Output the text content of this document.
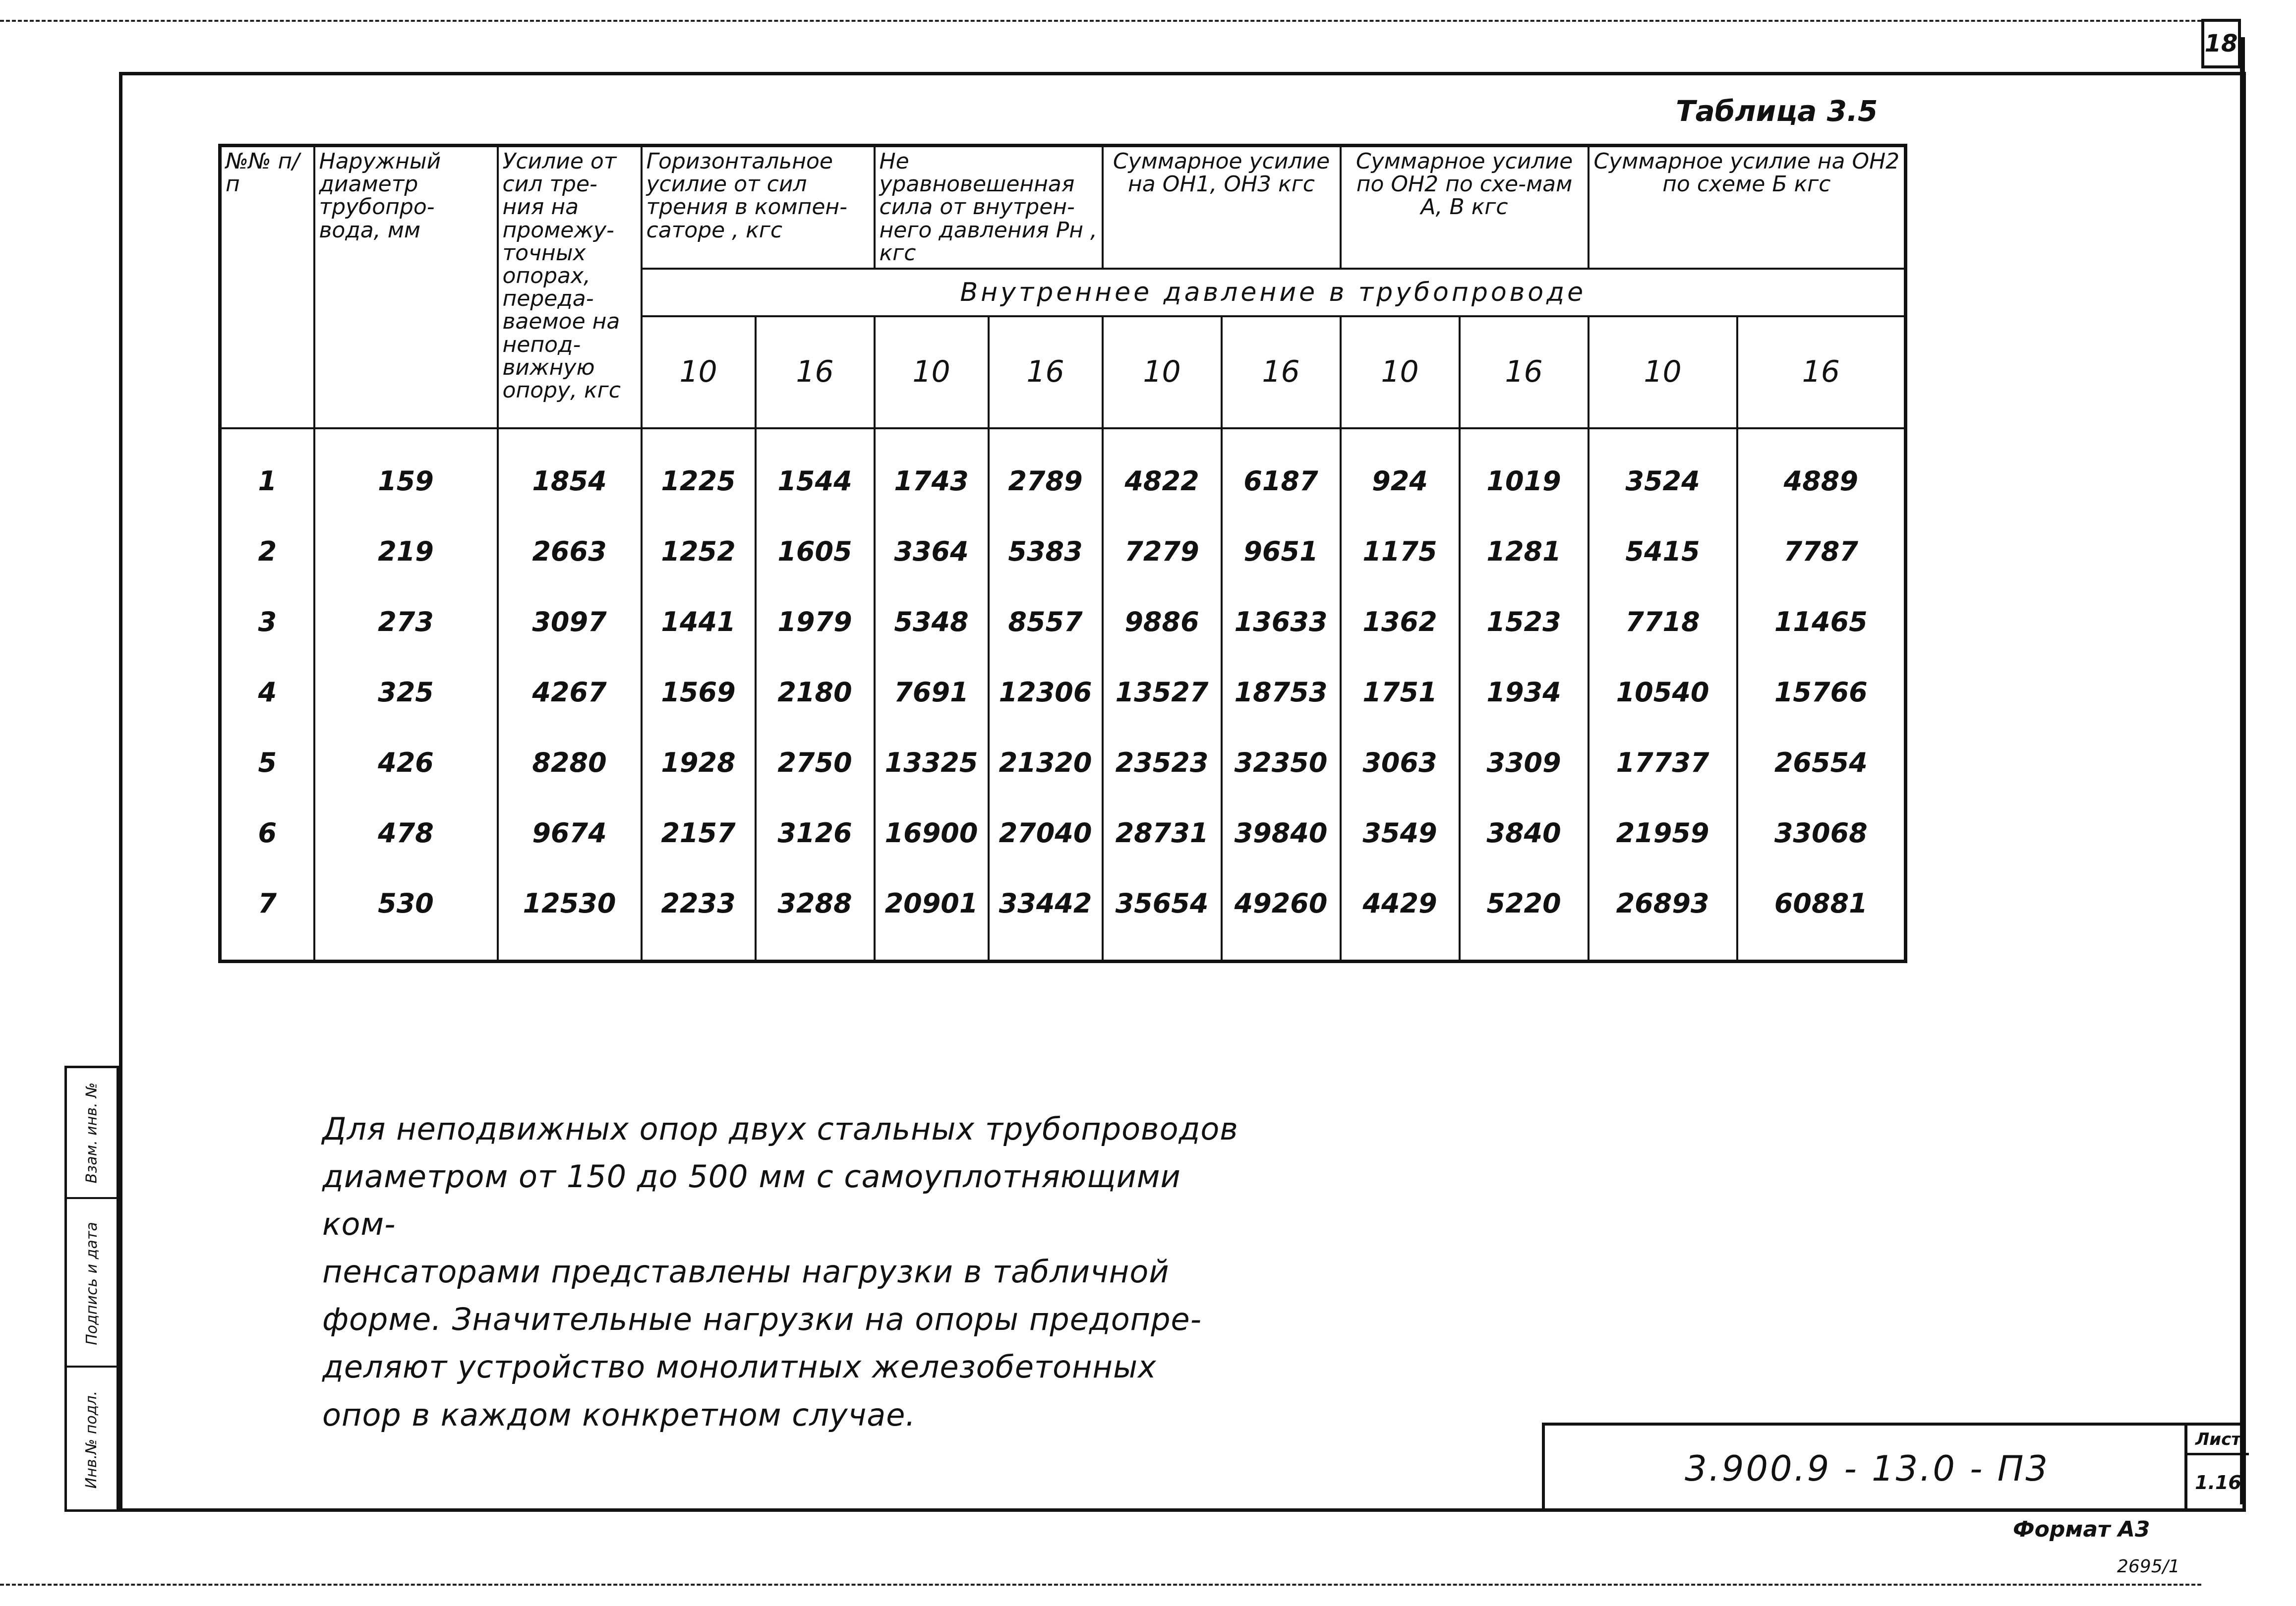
18
Таблица 3.5
№№ п/п	Наружный диаметр трубопро-вода, мм	Усилие от сил тре-ния на промежу-точных опорах, переда-ваемое на непод-вижную опору, кгс	Горизонтальное усилие от сил трения в компен-саторе , кгс		Не уравновешенная сила от внутрен-него давления Рн , кгс		Суммарное усилие на ОН1, ОН3 кгс		Суммарное усилие по ОН2 по схе-мам А, В кгс		Суммарное усилие на ОН2 по схеме Б кгс	
			Внутреннее давление в трубопроводе									
			10	16	10	16	10	16	10	16	10	16
1	159	1854	1225	1544	1743	2789	4822	6187	924	1019	3524	4889
2	219	2663	1252	1605	3364	5383	7279	9651	1175	1281	5415	7787
3	273	3097	1441	1979	5348	8557	9886	13633	1362	1523	7718	11465
4	325	4267	1569	2180	7691	12306	13527	18753	1751	1934	10540	15766
5	426	8280	1928	2750	13325	21320	23523	32350	3063	3309	17737	26554
6	478	9674	2157	3126	16900	27040	28731	39840	3549	3840	21959	33068
7	530	12530	2233	3288	20901	33442	35654	49260	4429	5220	26893	60881

Для неподвижных опор двух стальных трубопроводов

диаметром от 150 до 500 мм с самоуплотняющими ком-

пенсаторами представлены нагрузки в табличной

форме. Значительные нагрузки на опоры предопре-

деляют устройство монолитных железобетонных

опор в каждом конкретном случае.

Взам. инв. №
Подпись и дата
Инв.№ подл.	3.900.9 - 13.0 - П3
Лист
1.16
Формат А3
2695/1
